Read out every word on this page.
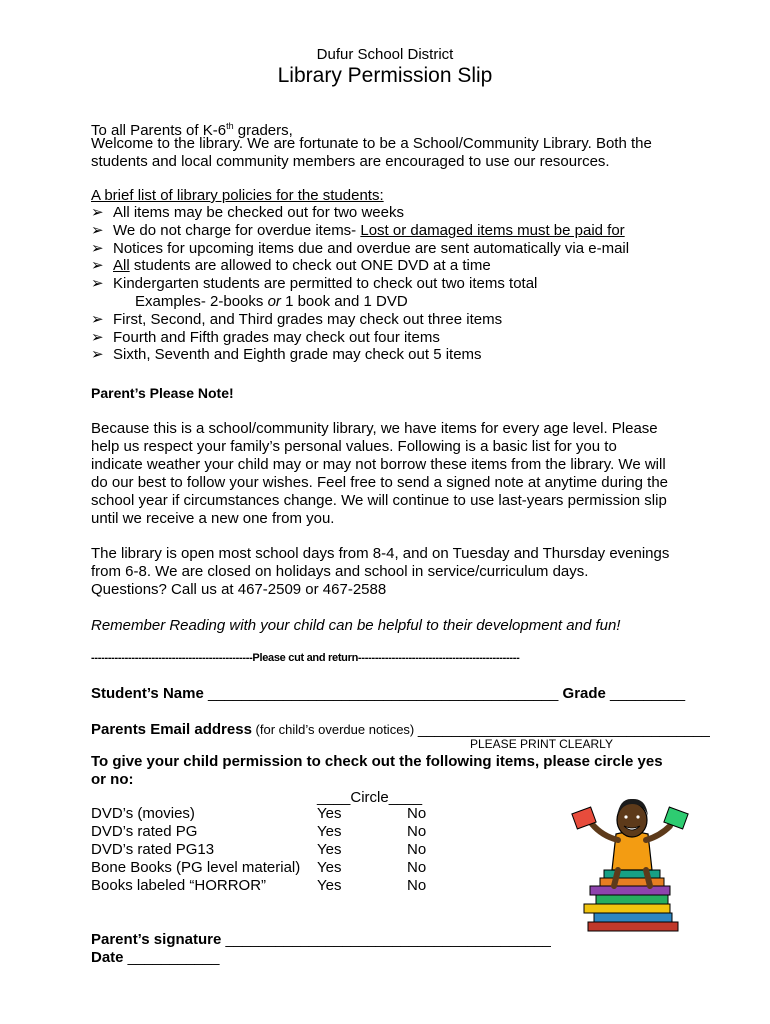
Dufur School District
Library Permission Slip
To all Parents of K-6th graders,
Welcome to the library. We are fortunate to be a School/Community Library. Both the
students and local community members are encouraged to use our resources.
A brief list of library policies for the students:
➢ All items may be checked out for two weeks
➢ We do not charge for overdue items- Lost or damaged items must be paid for
➢ Notices for upcoming items due and overdue are sent automatically via e-mail
➢ All students are allowed to check out ONE DVD at a time
➢ Kindergarten students are permitted to check out two items total
Examples- 2-books or 1 book and 1 DVD
➢ First, Second, and Third grades may check out three items
➢ Fourth and Fifth grades may check out four items
➢ Sixth, Seventh and Eighth grade may check out 5 items
Parent’s Please Note!
Because this is a school/community library, we have items for every age level. Please
help us respect your family’s personal values. Following is a basic list for you to
indicate weather your child may or may not borrow these items from the library. We will
do our best to follow your wishes. Feel free to send a signed note at anytime during the
school year if circumstances change. We will continue to use last-years permission slip
until we receive a new one from you.
The library is open most school days from 8-4, and on Tuesday and Thursday evenings
from 6-8. We are closed on holidays and school in service/curriculum days.
Questions? Call us at 467-2509 or 467-2588
Remember Reading with your child can be helpful to their development and fun!
------------------------------------------------Please cut and return------------------------------------------------
Student’s Name __________________________________________ Grade _________
Parents Email address (for child’s overdue notices) ___________________________________
PLEASE PRINT CLEARLY
To give your child permission to check out the following items, please circle yes
or no:
____Circle____
DVD’s (movies)	Yes	No
DVD’s rated PG	Yes	No
DVD’s rated PG13	Yes	No
Bone Books (PG level material)	Yes	No
Books labeled “HORROR”	Yes	No
Parent’s signature _______________________________________
Date ___________
